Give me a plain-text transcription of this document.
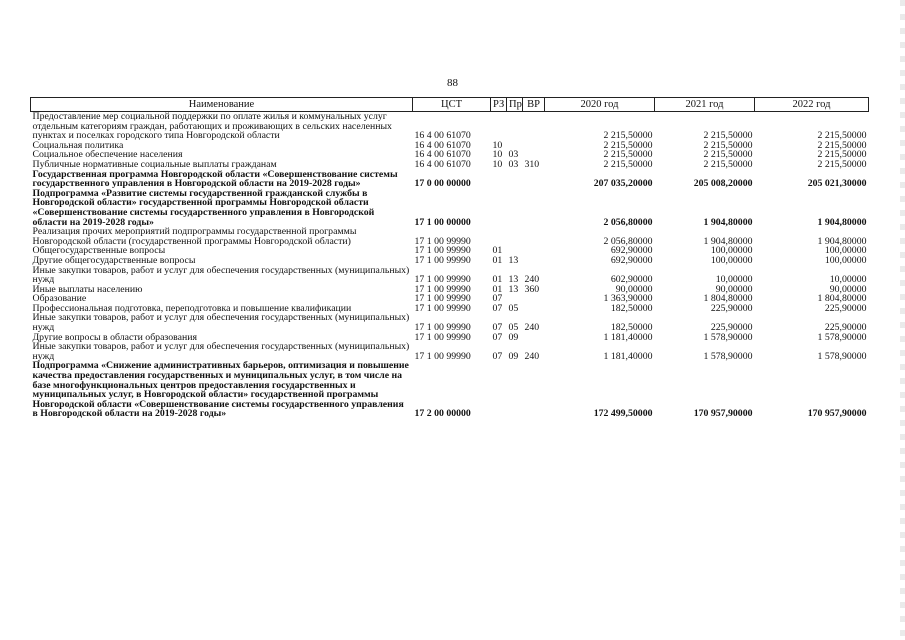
88
Наименование	ЦСТ	РЗ	Пр	ВР	2020 год	2021 год	2022 год
Предоставление мер социальной поддержки по оплате жилья и коммунальных услуг отдельным категориям граждан, работающих и проживающих в сельских населенных пунктах и поселках городского типа Новгородской области	16 4 00 61070				2 215,50000	2 215,50000	2 215,50000
Социальная политика	16 4 00 61070	10			2 215,50000	2 215,50000	2 215,50000
Социальное обеспечение населения	16 4 00 61070	10	03		2 215,50000	2 215,50000	2 215,50000
Публичные нормативные социальные выплаты гражданам	16 4 00 61070	10	03	310	2 215,50000	2 215,50000	2 215,50000
Государственная программа Новгородской области «Совершенствование системы государственного управления в Новгородской области на 2019-2028 годы»	17 0 00 00000				207 035,20000	205 008,20000	205 021,30000
Подпрограмма «Развитие системы государственной гражданской службы в Новгородской области» государственной программы Новгородской области «Совершенствование системы государственного управления в Новгородской области на 2019-2028 годы»	17 1 00 00000				2 056,80000	1 904,80000	1 904,80000
Реализация прочих мероприятий подпрограммы государственной программы Новгородской области (государственной программы Новгородской области)	17 1 00 99990				2 056,80000	1 904,80000	1 904,80000
Общегосударственные вопросы	17 1 00 99990	01			692,90000	100,00000	100,00000
Другие общегосударственные вопросы	17 1 00 99990	01	13		692,90000	100,00000	100,00000
Иные закупки товаров, работ и услуг для обеспечения государственных (муниципальных) нужд	17 1 00 99990	01	13	240	602,90000	10,00000	10,00000
Иные выплаты населению	17 1 00 99990	01	13	360	90,00000	90,00000	90,00000
Образование	17 1 00 99990	07			1 363,90000	1 804,80000	1 804,80000
Профессиональная подготовка, переподготовка и повышение квалификации	17 1 00 99990	07	05		182,50000	225,90000	225,90000
Иные закупки товаров, работ и услуг для обеспечения государственных (муниципальных) нужд	17 1 00 99990	07	05	240	182,50000	225,90000	225,90000
Другие вопросы в области образования	17 1 00 99990	07	09		1 181,40000	1 578,90000	1 578,90000
Иные закупки товаров, работ и услуг для обеспечения государственных (муниципальных) нужд	17 1 00 99990	07	09	240	1 181,40000	1 578,90000	1 578,90000
Подпрограмма «Снижение административных барьеров, оптимизация и повышение качества предоставления государственных и муниципальных услуг, в том числе на базе многофункциональных центров предоставления государственных и муниципальных услуг, в Новгородской области» государственной программы Новгородской области «Совершенствование системы государственного управления в Новгородской области на 2019-2028 годы»	17 2 00 00000				172 499,50000	170 957,90000	170 957,90000
